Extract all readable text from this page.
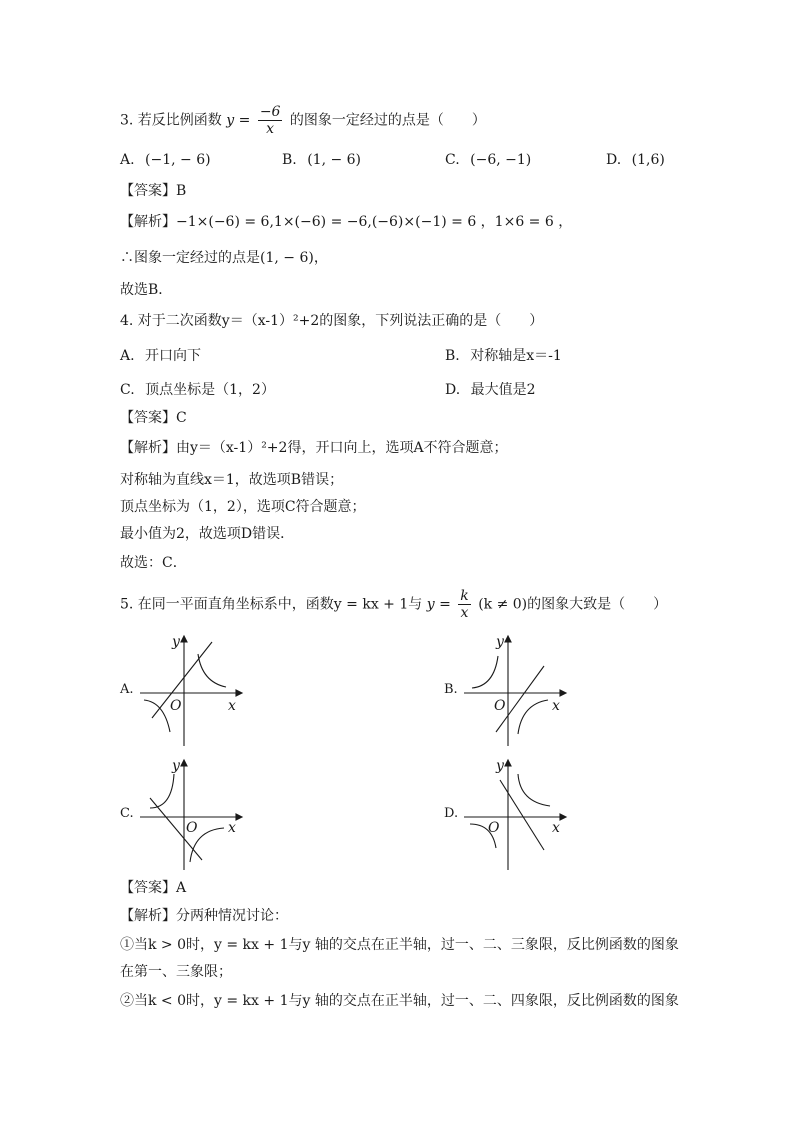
3. 若反比例函数 $y = \frac{-6}{x}$ 的图象一定经过的点是（　　）
A. (−1, − 6)	B. (1, − 6)	C. (−6, −1)	D. (1,6)
【答案】B
【解析】−1×(−6) = 6,1×(−6) = −6,(−6)×(−1) = 6 ，1×6 = 6 ，
∴图象一定经过的点是(1, − 6)，
故选B．
4. 对于二次函数y＝（x-1）²+2的图象，下列说法正确的是（　　）
A. 开口向下	B. 对称轴是x＝-1
C. 顶点坐标是（1，2）	D. 最大值是2
【答案】C
【解析】由y＝（x-1）²+2得，开口向上，选项A不符合题意；
对称轴为直线x＝1，故选项B错误；
顶点坐标为（1，2），选项C符合题意；
最小值为2，故选项D错误．
故选：C．
5. 在同一平面直角坐标系中，函数y = kx + 1与 $y = \frac{k}{x} (k \ne 0)$的图象大致是（　　）
A.
y
x
O
B.
y
x
O
C.
y
x
O
D.
y
x
O
【答案】A
【解析】分两种情况讨论：
①当k > 0时，y = kx + 1与y 轴的交点在正半轴，过一、二、三象限，反比例函数的图象
在第一、三象限；
②当k < 0时，y = kx + 1与y 轴的交点在正半轴，过一、二、四象限，反比例函数的图象
